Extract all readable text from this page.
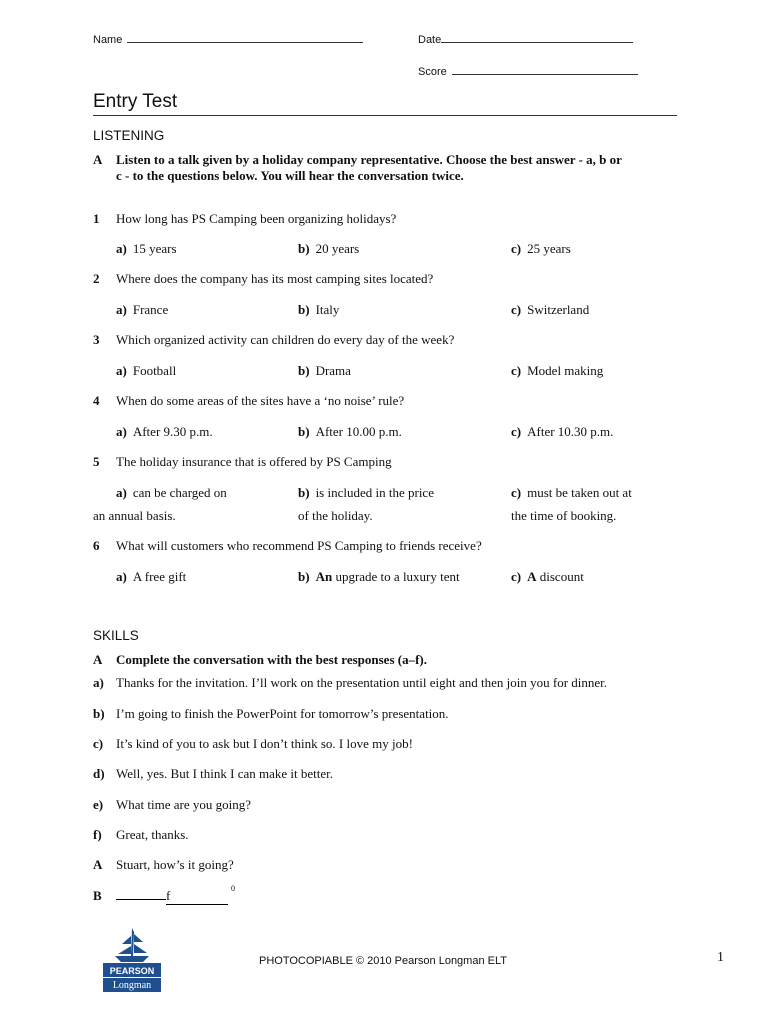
Name	Date
Score
Entry Test
LISTENING
A Listen to a talk given by a holiday company representative. Choose the best answer - a, b or
c - to the questions below. You will hear the conversation twice.
1 How long has PS Camping been organizing holidays?
a) 15 years	b) 20 years	c) 25 years
2 Where does the company has its most camping sites located?
a) France	b) Italy	c) Switzerland
3 Which organized activity can children do every day of the week?
a) Football	b) Drama	c) Model making
4 When do some areas of the sites have a ‘no noise’ rule?
a) After 9.30 p.m.	b) After 10.00 p.m.	c) After 10.30 p.m.
5 The holiday insurance that is offered by PS Camping
a) can be charged on
an annual basis.
b) is included in the price
of the holiday.
c) must be taken out at
the time of booking.
6 What will customers who recommend PS Camping to friends receive?
a) A free gift	b) An upgrade to a luxury tent	c) A discount
SKILLS
A Complete the conversation with the best responses (a–f).
a) Thanks for the invitation. I’ll work on the presentation until eight and then join you for dinner.
b) I’m going to finish the PowerPoint for tomorrow’s presentation.
c) It’s kind of you to ask but I don’t think so. I love my job!
d) Well, yes. But I think I can make it better.
e) What time are you going?
f) Great, thanks.
A Stuart, how’s it going?
B	f	$^0$
PEARSON
Longman
PHOTOCOPIABLE © 2010 Pearson Longman ELT	1
